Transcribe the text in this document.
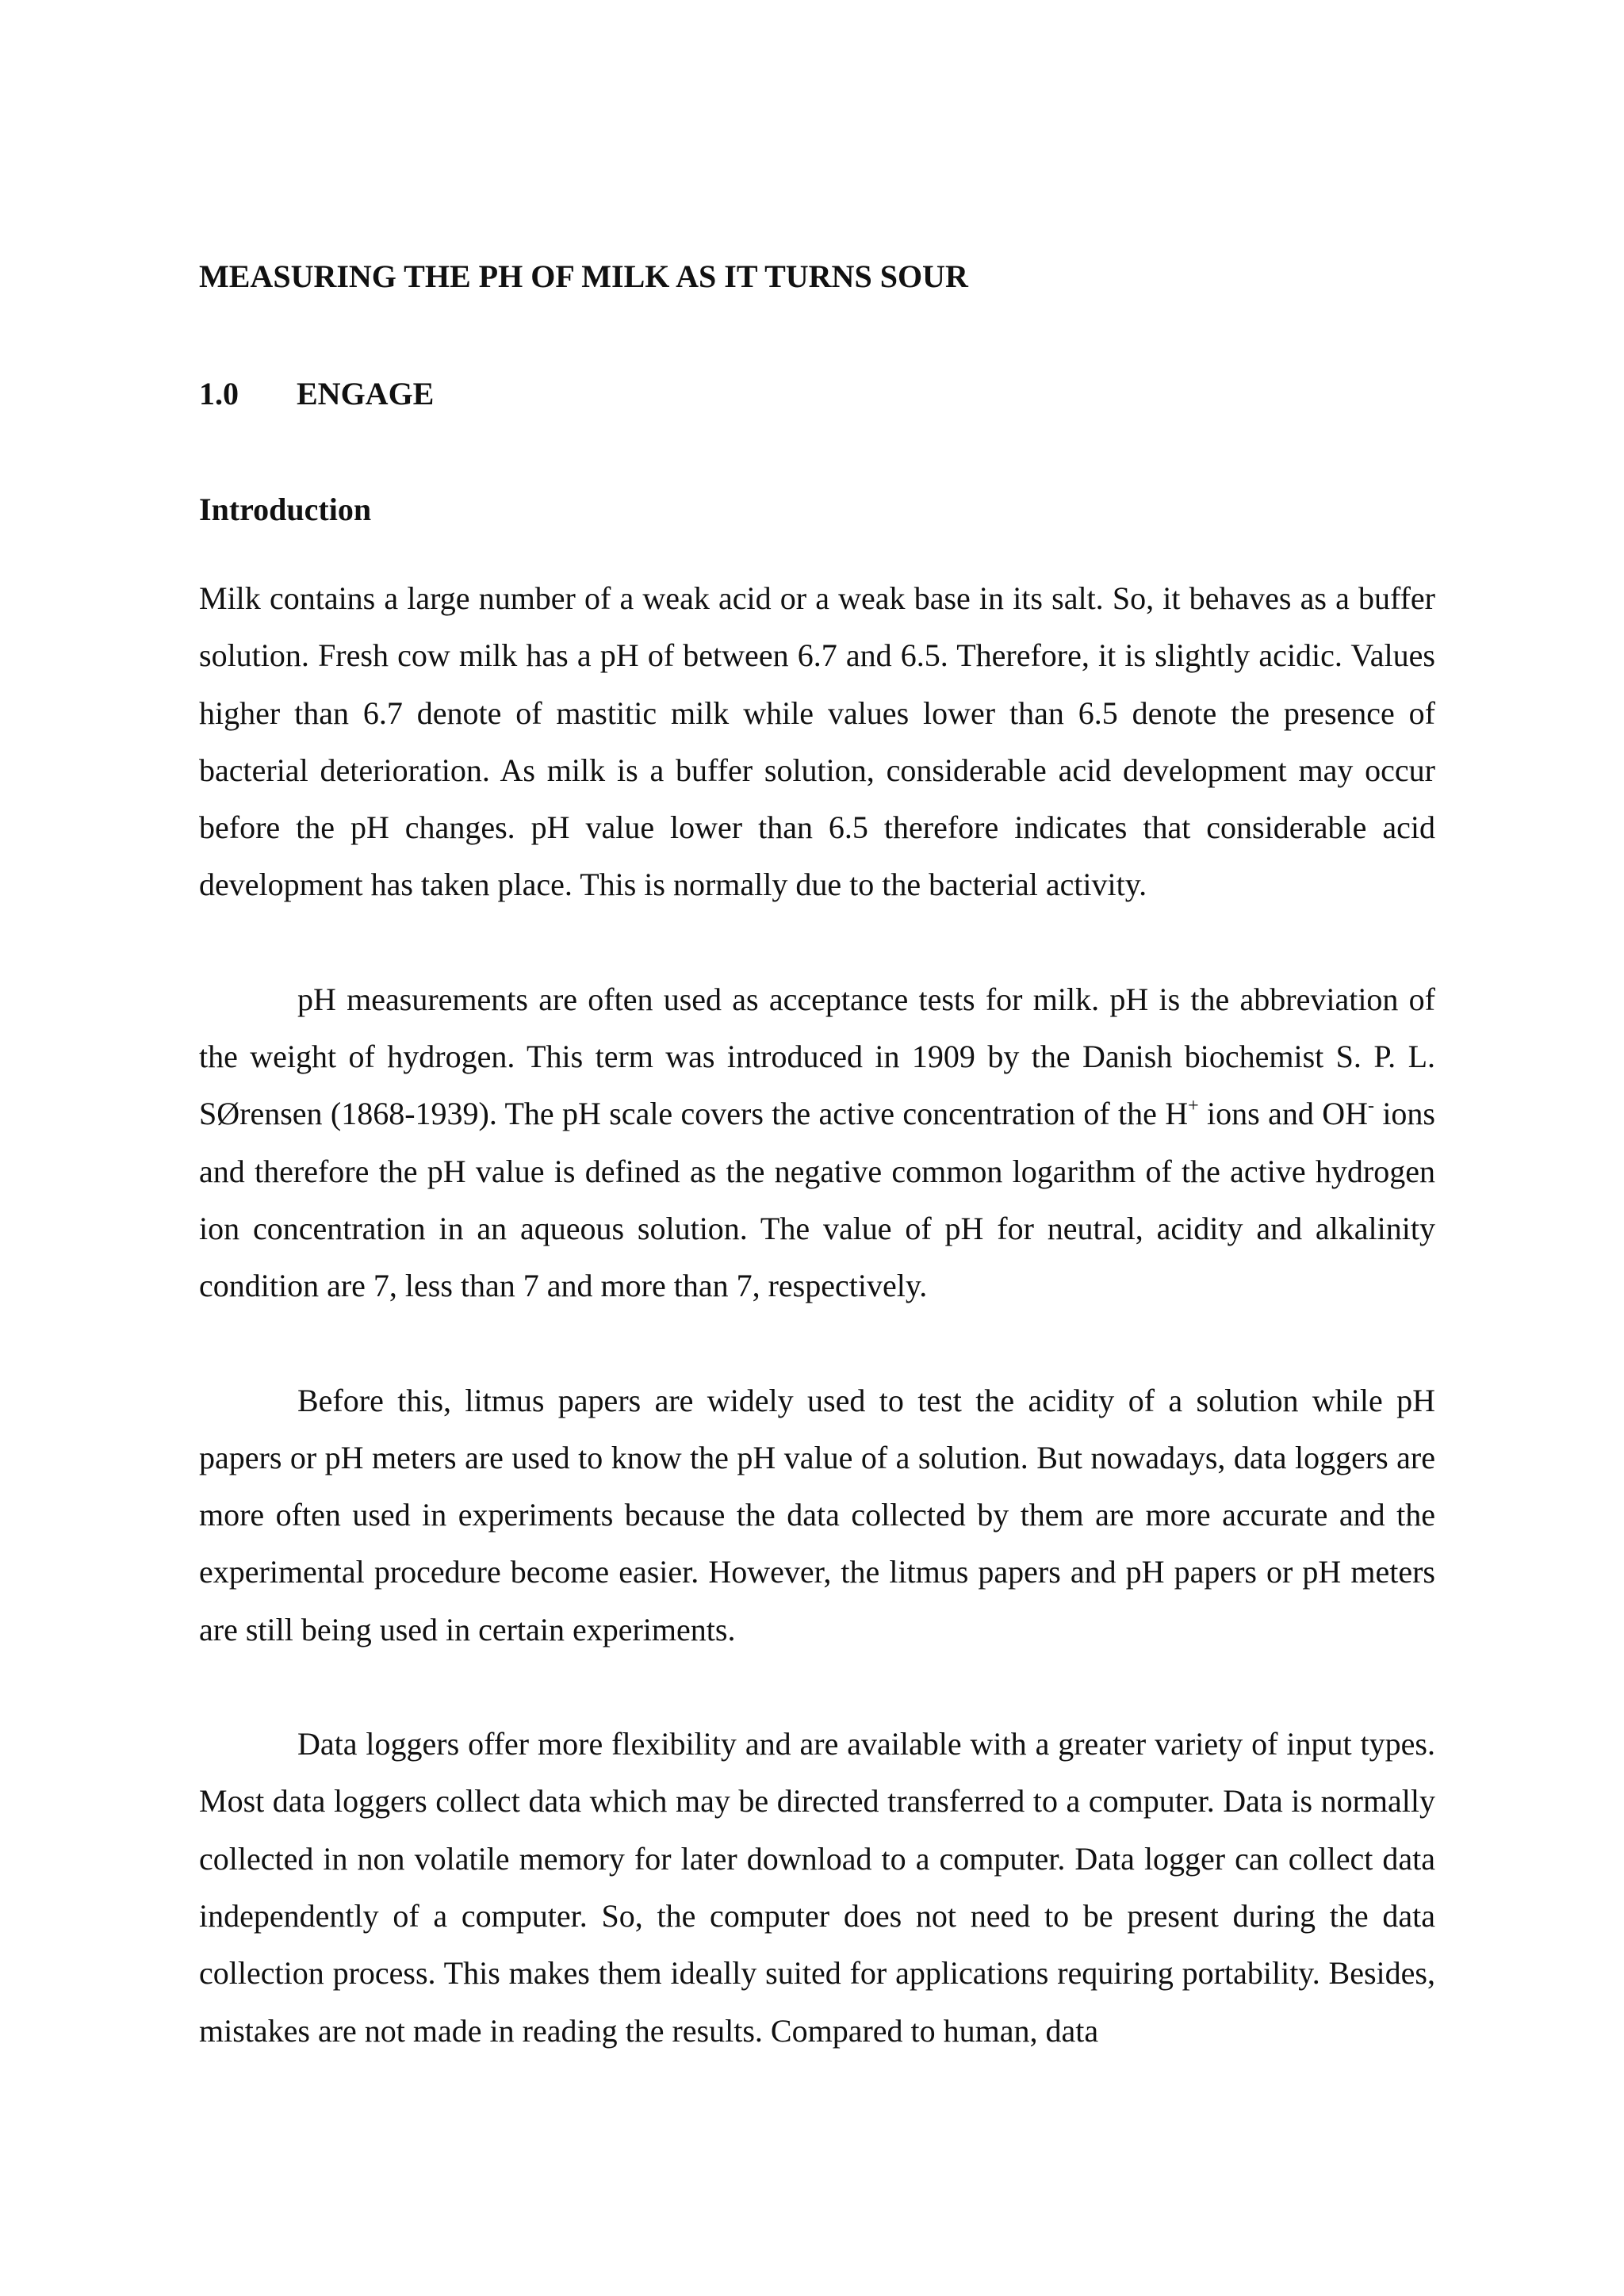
MEASURING THE PH OF MILK AS IT TURNS SOUR
1.0	ENGAGE
Introduction

Milk contains a large number of a weak acid or a weak base in its salt. So, it behaves as a buffer solution. Fresh cow milk has a pH of between 6.7 and 6.5. Therefore, it is slightly acidic. Values higher than 6.7 denote of mastitic milk while values lower than 6.5 denote the presence of bacterial deterioration. As milk is a buffer solution, considerable acid development may occur before the pH changes. pH value lower than 6.5 therefore indicates that considerable acid development has taken place. This is normally due to the bacterial activity.

pH measurements are often used as acceptance tests for milk. pH is the abbreviation of the weight of hydrogen. This term was introduced in 1909 by the Danish biochemist S. P. L. SØrensen (1868-1939). The pH scale covers the active concentration of the H+ ions and OH- ions and therefore the pH value is defined as the negative common logarithm of the active hydrogen ion concentration in an aqueous solution. The value of pH for neutral, acidity and alkalinity condition are 7, less than 7 and more than 7, respectively.

Before this, litmus papers are widely used to test the acidity of a solution while pH papers or pH meters are used to know the pH value of a solution. But nowadays, data loggers are more often used in experiments because the data collected by them are more accurate and the experimental procedure become easier. However, the litmus papers and pH papers or pH meters are still being used in certain experiments.

Data loggers offer more flexibility and are available with a greater variety of input types. Most data loggers collect data which may be directed transferred to a computer. Data is normally collected in non volatile memory for later download to a computer. Data logger can collect data independently of a computer. So, the computer does not need to be present during the data collection process. This makes them ideally suited for applications requiring portability. Besides, mistakes are not made in reading the results. Compared to human, data
